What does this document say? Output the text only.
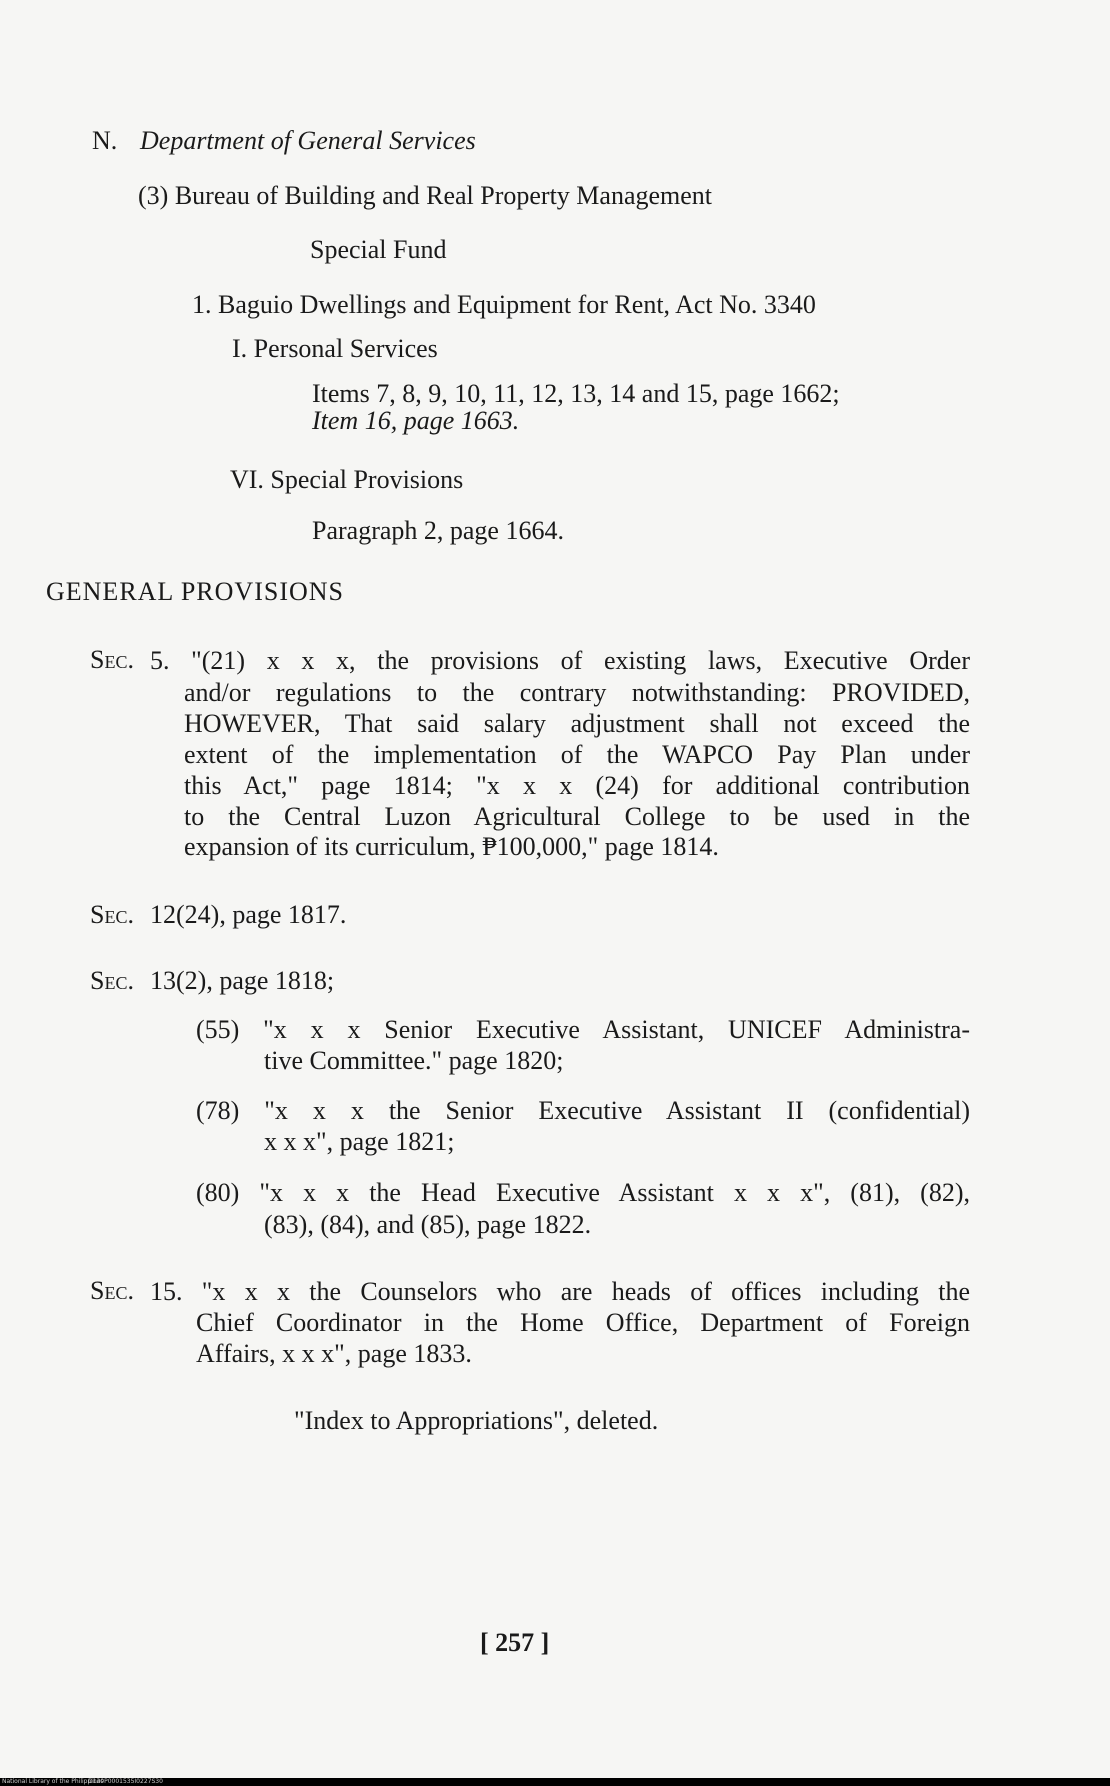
N. Department of General Services
(3) Bureau of Building and Real Property Management
Special Fund
1. Baguio Dwellings and Equipment for Rent, Act No. 3340
I. Personal Services
Items 7, 8, 9, 10, 11, 12, 13, 14 and 15, page 1662;
Item 16, page 1663.
VI. Special Provisions
Paragraph 2, page 1664.
GENERAL PROVISIONS
Sec. 5. "(21) x x x, the provisions of existing laws, Executive Order
and/or regulations to the contrary notwithstanding: PROVIDED,
HOWEVER, That said salary adjustment shall not exceed the
extent of the implementation of the WAPCO Pay Plan under
this Act," page 1814; "x x x (24) for additional contribution
to the Central Luzon Agricultural College to be used in the
expansion of its curriculum, ₱100,000," page 1814.
Sec. 12(24), page 1817.
Sec. 13(2), page 1818;
(55) "x x x Senior Executive Assistant, UNICEF Administra-
tive Committee." page 1820;
(78) "x x x the Senior Executive Assistant II (confidential)
x x x", page 1821;
(80) "x x x the Head Executive Assistant x x x", (81), (82),
(83), (84), and (85), page 1822.
Sec. 15. "x x x the Counselors who are heads of offices including the
Chief Coordinator in the Home Office, Department of Foreign
Affairs, x x x", page 1833.
"Index to Appropriations", deleted.
[ 257 ]
National Library of the Philippines
D130P0001535I0227S30
